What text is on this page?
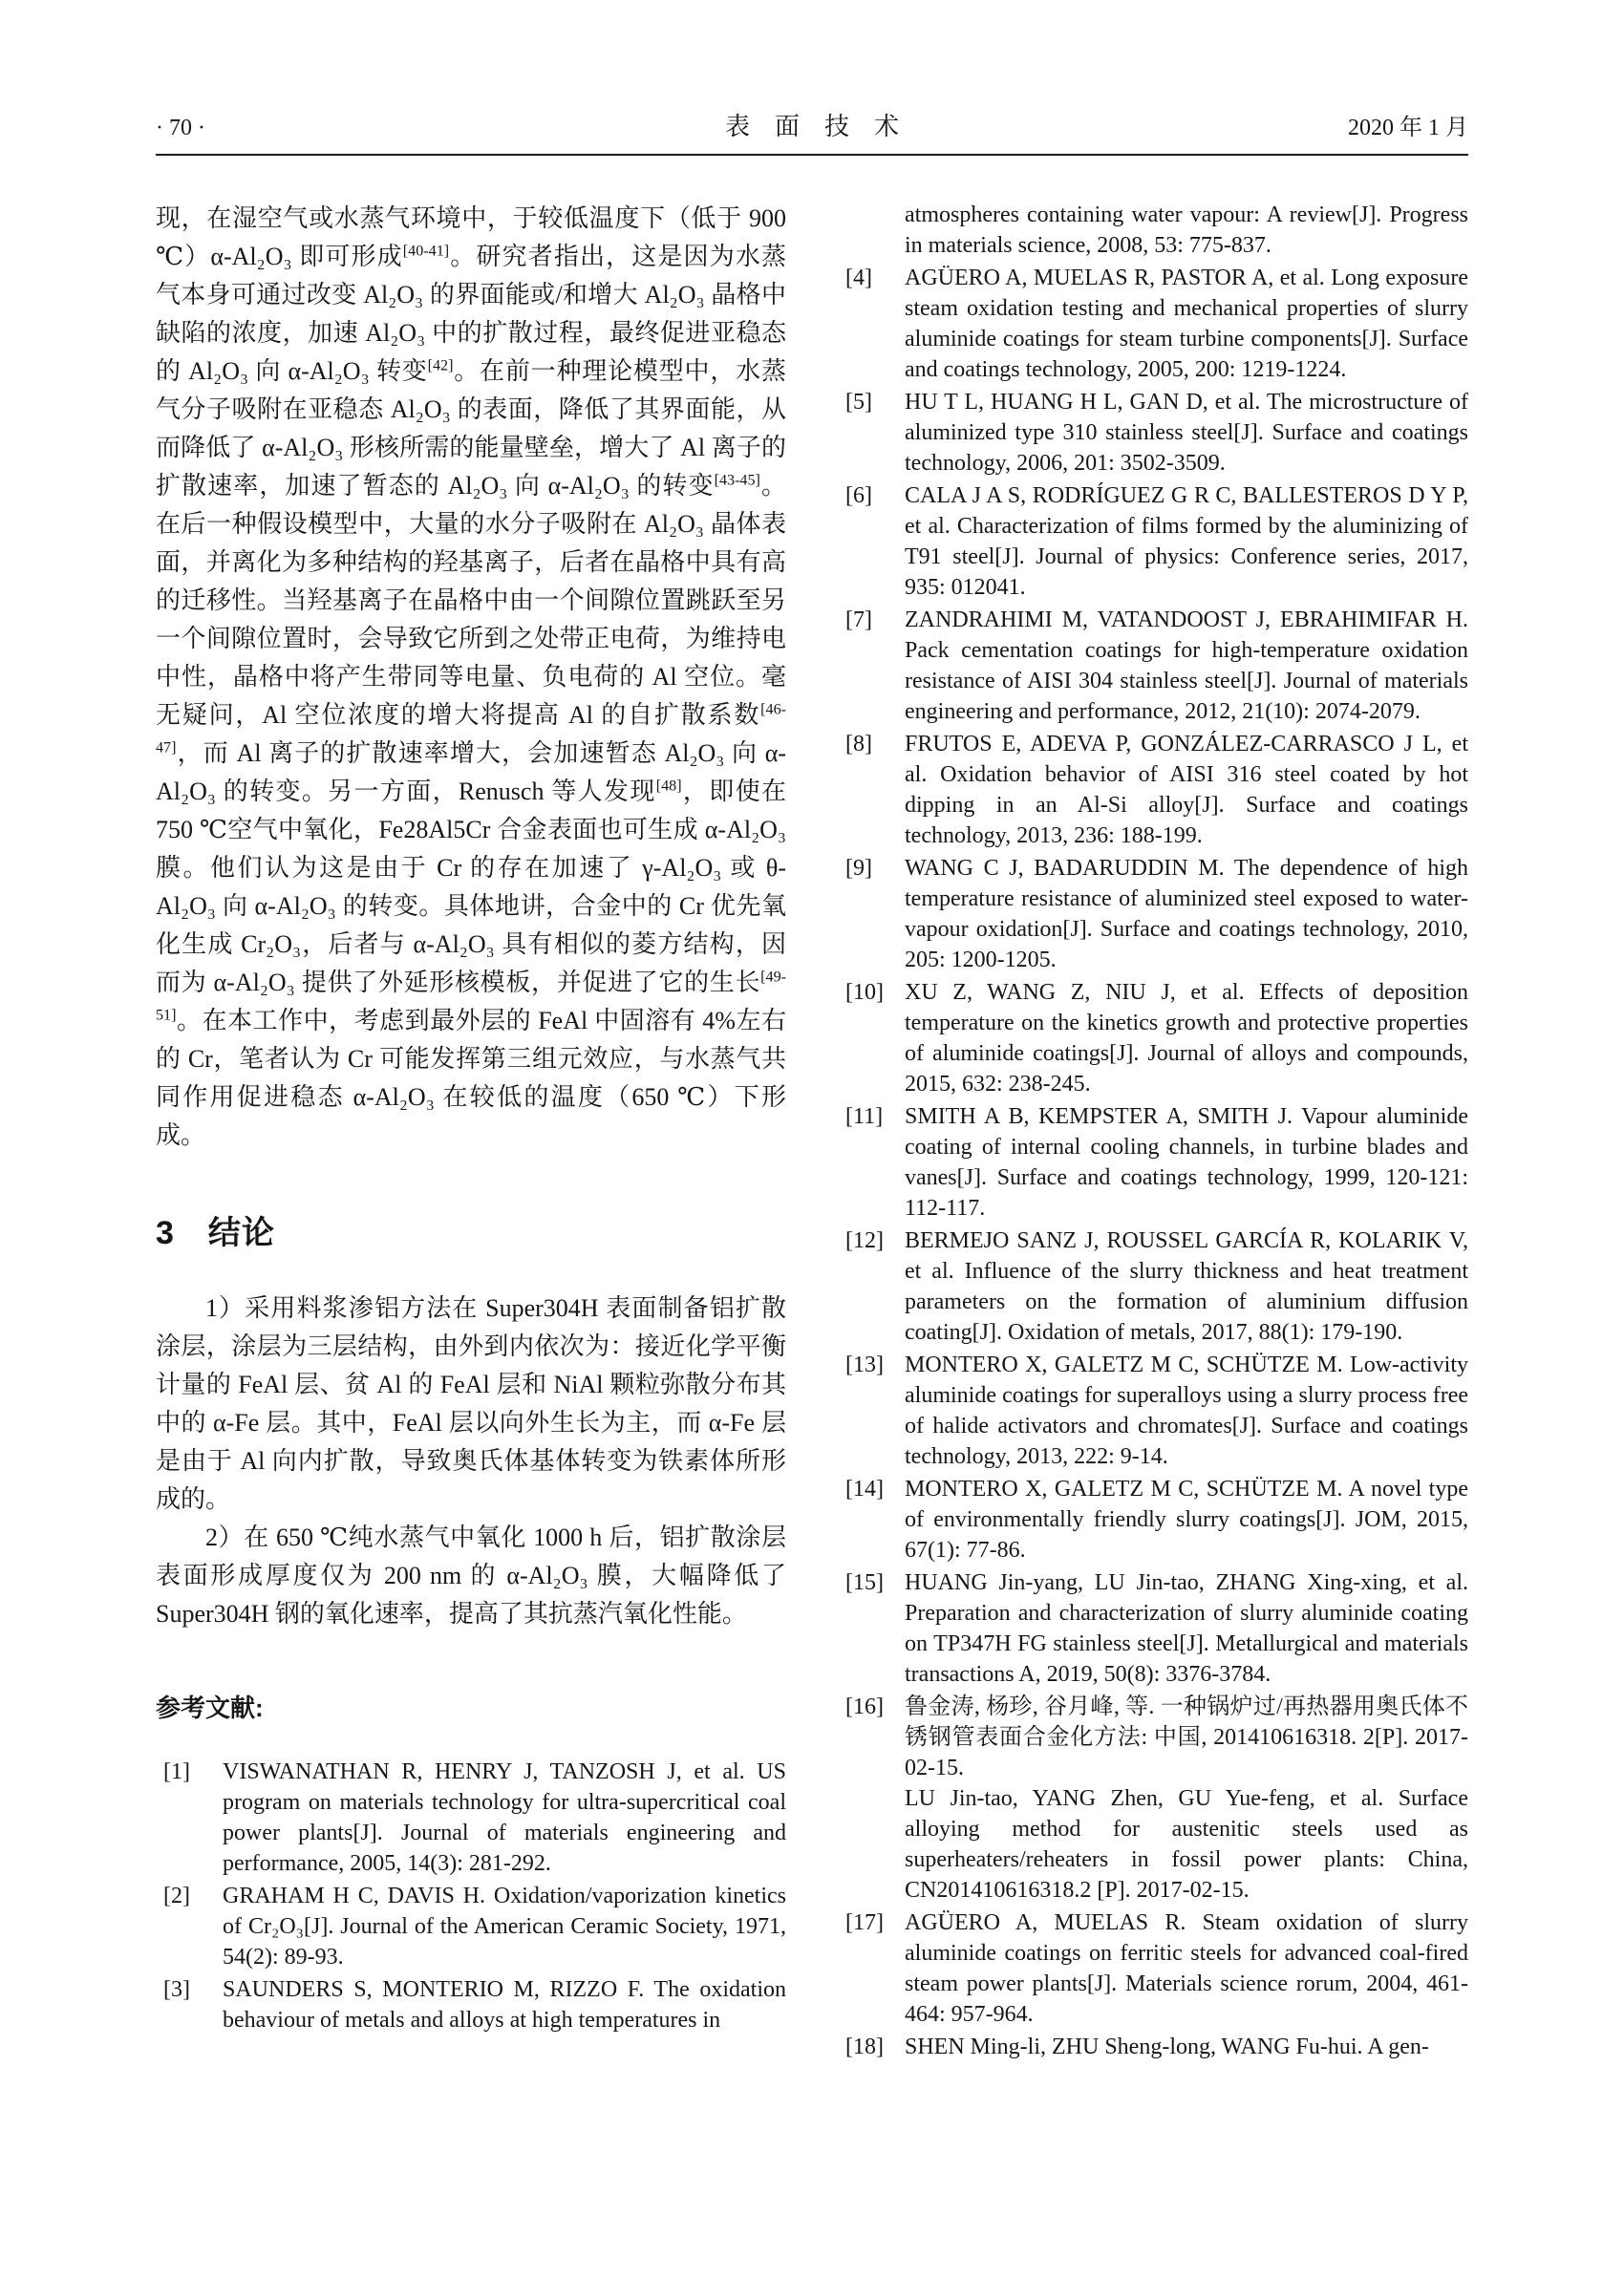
· 70 ·	表　面　技　术	2020 年 1 月

现，在湿空气或水蒸气环境中，于较低温度下（低于 900 ℃）α-Al₂O₃ 即可形成[40-41]。研究者指出，这是因为水蒸气本身可通过改变 Al₂O₃ 的界面能或/和增大 Al₂O₃ 晶格中缺陷的浓度，加速 Al₂O₃ 中的扩散过程，最终促进亚稳态的 Al₂O₃ 向 α-Al₂O₃ 转变[42]。在前一种理论模型中，水蒸气分子吸附在亚稳态 Al₂O₃ 的表面，降低了其界面能，从而降低了 α-Al₂O₃ 形核所需的能量壁垒，增大了 Al 离子的扩散速率，加速了暂态的 Al₂O₃ 向 α-Al₂O₃ 的转变[43-45]。在后一种假设模型中，大量的水分子吸附在 Al₂O₃ 晶体表面，并离化为多种结构的羟基离子，后者在晶格中具有高的迁移性。当羟基离子在晶格中由一个间隙位置跳跃至另一个间隙位置时，会导致它所到之处带正电荷，为维持电中性，晶格中将产生带同等电量、负电荷的 Al 空位。毫无疑问，Al 空位浓度的增大将提高 Al 的自扩散系数[46-47]，而 Al 离子的扩散速率增大，会加速暂态 Al₂O₃ 向 α-Al₂O₃ 的转变。另一方面，Renusch 等人发现[48]，即使在 750 ℃空气中氧化，Fe28Al5Cr 合金表面也可生成 α-Al₂O₃ 膜。他们认为这是由于 Cr 的存在加速了 γ-Al₂O₃ 或 θ-Al₂O₃ 向 α-Al₂O₃ 的转变。具体地讲，合金中的 Cr 优先氧化生成 Cr₂O₃，后者与 α-Al₂O₃ 具有相似的菱方结构，因而为 α-Al₂O₃ 提供了外延形核模板，并促进了它的生长[49-51]。在本工作中，考虑到最外层的 FeAl 中固溶有 4%左右的 Cr，笔者认为 Cr 可能发挥第三组元效应，与水蒸气共同作用促进稳态 α-Al₂O₃ 在较低的温度（650 ℃）下形成。

3　结论

1）采用料浆渗铝方法在 Super304H 表面制备铝扩散涂层，涂层为三层结构，由外到内依次为：接近化学平衡计量的 FeAl 层、贫 Al 的 FeAl 层和 NiAl 颗粒弥散分布其中的 α-Fe 层。其中，FeAl 层以向外生长为主，而 α-Fe 层是由于 Al 向内扩散，导致奥氏体基体转变为铁素体所形成的。

2）在 650 ℃纯水蒸气中氧化 1000 h 后，铝扩散涂层表面形成厚度仅为 200 nm 的 α-Al₂O₃ 膜，大幅降低了 Super304H 钢的氧化速率，提高了其抗蒸汽氧化性能。

参考文献:
[1]	VISWANATHAN R, HENRY J, TANZOSH J, et al. US program on materials technology for ultra-supercritical coal power plants[J]. Journal of materials engineering and performance, 2005, 14(3): 281-292.
[2]	GRAHAM H C, DAVIS H. Oxidation/vaporization kinetics of Cr₂O₃[J]. Journal of the American Ceramic Society, 1971, 54(2): 89-93.
[3]	SAUNDERS S, MONTERIO M, RIZZO F. The oxidation behaviour of metals and alloys at high temperatures in

atmospheres containing water vapour: A review[J]. Progress in materials science, 2008, 53: 775-837.

[4]	AGÜERO A, MUELAS R, PASTOR A, et al. Long exposure steam oxidation testing and mechanical properties of slurry aluminide coatings for steam turbine components[J]. Surface and coatings technology, 2005, 200: 1219-1224.
[5]	HU T L, HUANG H L, GAN D, et al. The microstructure of aluminized type 310 stainless steel[J]. Surface and coatings technology, 2006, 201: 3502-3509.
[6]	CALA J A S, RODRÍGUEZ G R C, BALLESTEROS D Y P, et al. Characterization of films formed by the aluminizing of T91 steel[J]. Journal of physics: Conference series, 2017, 935: 012041.
[7]	ZANDRAHIMI M, VATANDOOST J, EBRAHIMIFAR H. Pack cementation coatings for high-temperature oxidation resistance of AISI 304 stainless steel[J]. Journal of materials engineering and performance, 2012, 21(10): 2074-2079.
[8]	FRUTOS E, ADEVA P, GONZÁLEZ-CARRASCO J L, et al. Oxidation behavior of AISI 316 steel coated by hot dipping in an Al-Si alloy[J]. Surface and coatings technology, 2013, 236: 188-199.
[9]	WANG C J, BADARUDDIN M. The dependence of high temperature resistance of aluminized steel exposed to water-vapour oxidation[J]. Surface and coatings technology, 2010, 205: 1200-1205.
[10] XU Z, WANG Z, NIU J, et al. Effects of deposition temperature on the kinetics growth and protective properties of aluminide coatings[J]. Journal of alloys and compounds, 2015, 632: 238-245.
[11] SMITH A B, KEMPSTER A, SMITH J. Vapour aluminide coating of internal cooling channels, in turbine blades and vanes[J]. Surface and coatings technology, 1999, 120-121: 112-117.
[12] BERMEJO SANZ J, ROUSSEL GARCÍA R, KOLARIK V, et al. Influence of the slurry thickness and heat treatment parameters on the formation of aluminium diffusion coating[J]. Oxidation of metals, 2017, 88(1): 179-190.
[13] MONTERO X, GALETZ M C, SCHÜTZE M. Low-activity aluminide coatings for superalloys using a slurry process free of halide activators and chromates[J]. Surface and coatings technology, 2013, 222: 9-14.
[14] MONTERO X, GALETZ M C, SCHÜTZE M. A novel type of environmentally friendly slurry coatings[J]. JOM, 2015, 67(1): 77-86.
[15] HUANG Jin-yang, LU Jin-tao, ZHANG Xing-xing, et al. Preparation and characterization of slurry aluminide coating on TP347H FG stainless steel[J]. Metallurgical and materials transactions A, 2019, 50(8): 3376-3784.
[16] 鲁金涛, 杨珍, 谷月峰, 等. 一种锅炉过/再热器用奥氏体不锈钢管表面合金化方法: 中国, 201410616318. 2[P]. 2017-02-15.
LU Jin-tao, YANG Zhen, GU Yue-feng, et al. Surface alloying method for austenitic steels used as superheaters/reheaters in fossil power plants: China, CN201410616318.2 [P]. 2017-02-15.
[17] AGÜERO A, MUELAS R. Steam oxidation of slurry aluminide coatings on ferritic steels for advanced coal-fired steam power plants[J]. Materials science rorum, 2004, 461-464: 957-964.
[18] SHEN Ming-li, ZHU Sheng-long, WANG Fu-hui. A gen-
